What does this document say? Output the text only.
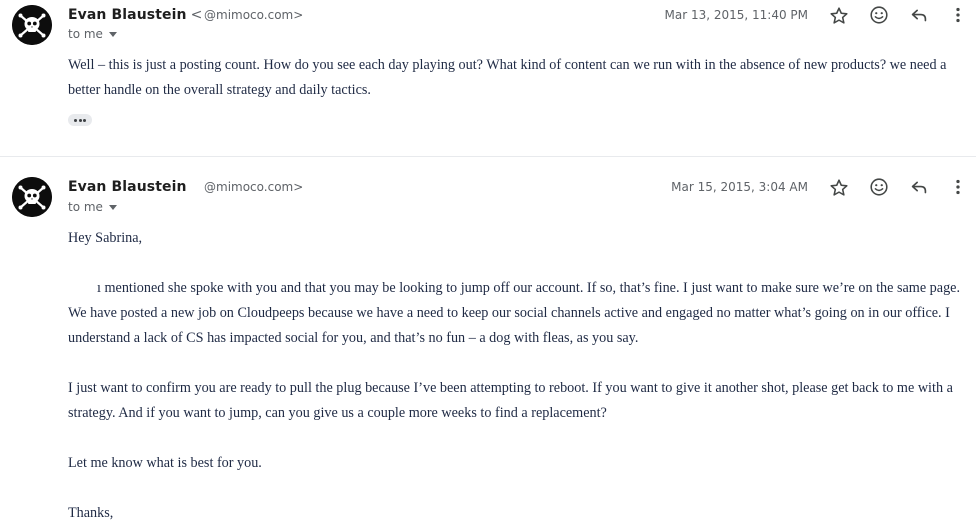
Evan Blaustein < @mimoco.com>
to me
Mar 13, 2015, 11:40 PM

Well – this is just a posting count. How do you see each day playing out? What kind of content can we run with in the absence of new products? we need a better handle on the overall strategy and daily tactics.

Evan Blaustein @mimoco.com>
to me
Mar 15, 2015, 3:04 AM

Hey Sabrina,

ı mentioned she spoke with you and that you may be looking to jump off our account. If so, that’s fine. I just want to make sure we’re on the same page. We have posted a new job on Cloudpeeps because we have a need to keep our social channels active and engaged no matter what’s going on in our office. I understand a lack of CS has impacted social for you, and that’s no fun – a dog with fleas, as you say.

I just want to confirm you are ready to pull the plug because I’ve been attempting to reboot. If you want to give it another shot, please get back to me with a strategy. And if you want to jump, can you give us a couple more weeks to find a replacement?

Let me know what is best for you.

Thanks,
